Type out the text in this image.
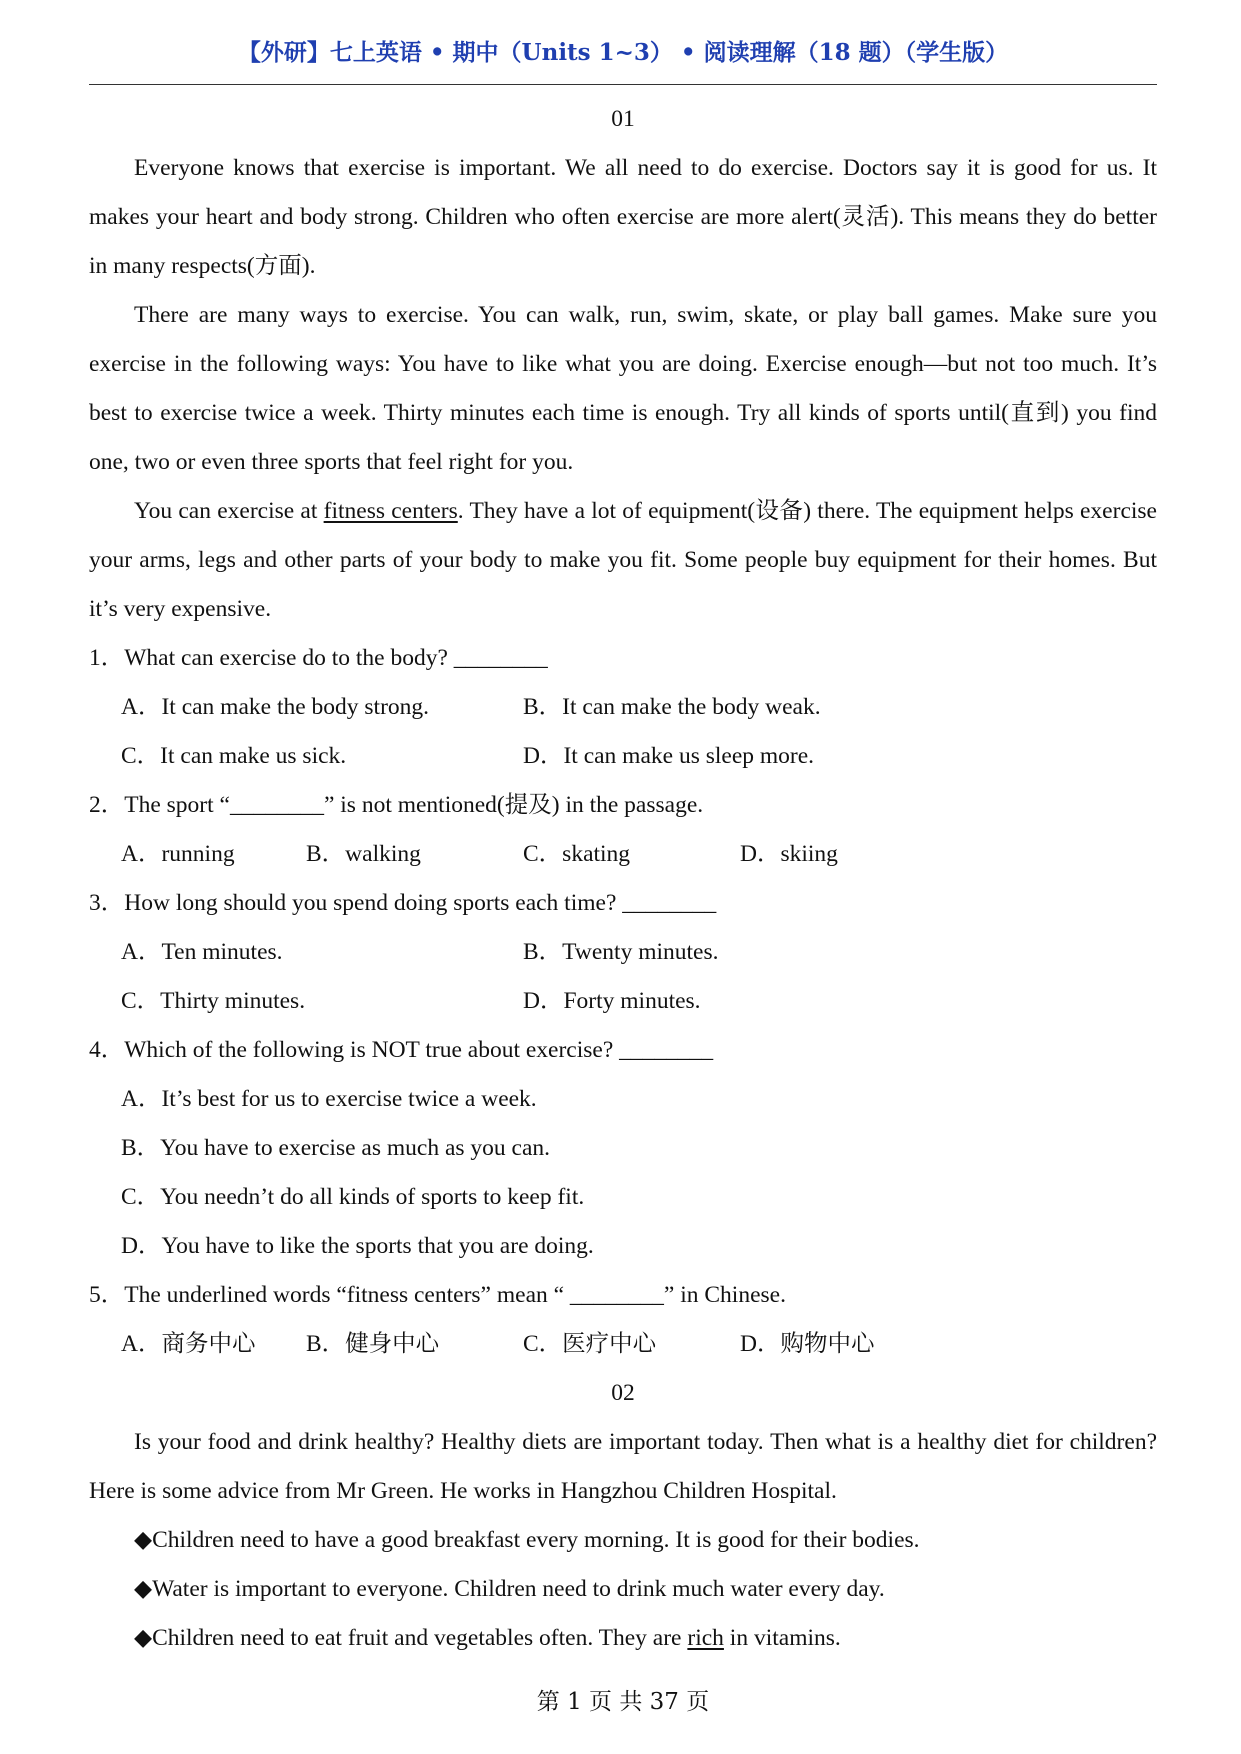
【外研】七上英语 • 期中（Units 1~3） • 阅读理解（18 题）（学生版）
01
Everyone knows that exercise is important. We all need to do exercise. Doctors say it is good for us. It makes your heart and body strong. Children who often exercise are more alert(灵活). This means they do better in many respects(方面).
There are many ways to exercise. You can walk, run, swim, skate, or play ball games. Make sure you exercise in the following ways: You have to like what you are doing. Exercise enough—but not too much. It’s best to exercise twice a week. Thirty minutes each time is enough. Try all kinds of sports until(直到) you find one, two or even three sports that feel right for you.
You can exercise at fitness centers. They have a lot of equipment(设备) there. The equipment helps exercise your arms, legs and other parts of your body to make you fit. Some people buy equipment for their homes. But it’s very expensive.
1．What can exercise do to the body? ________
A．It can make the body strong.	B．It can make the body weak.
C．It can make us sick.	D．It can make us sleep more.
2．The sport “________” is not mentioned(提及) in the passage.
A．running	B．walking	C．skating	D．skiing
3．How long should you spend doing sports each time? ________
A．Ten minutes.	B．Twenty minutes.
C．Thirty minutes.	D．Forty minutes.
4．Which of the following is NOT true about exercise? ________
A．It’s best for us to exercise twice a week.
B．You have to exercise as much as you can.
C．You needn’t do all kinds of sports to keep fit.
D．You have to like the sports that you are doing.
5．The underlined words “fitness centers” mean “ ________” in Chinese.
A．商务中心 B．健身中心	C．医疗中心	D．购物中心
02
Is your food and drink healthy? Healthy diets are important today. Then what is a healthy diet for children? Here is some advice from Mr Green. He works in Hangzhou Children Hospital.
◆Children need to have a good breakfast every morning. It is good for their bodies.
◆Water is important to everyone. Children need to drink much water every day.
◆Children need to eat fruit and vegetables often. They are rich in vitamins.
第 1 页 共 37 页
